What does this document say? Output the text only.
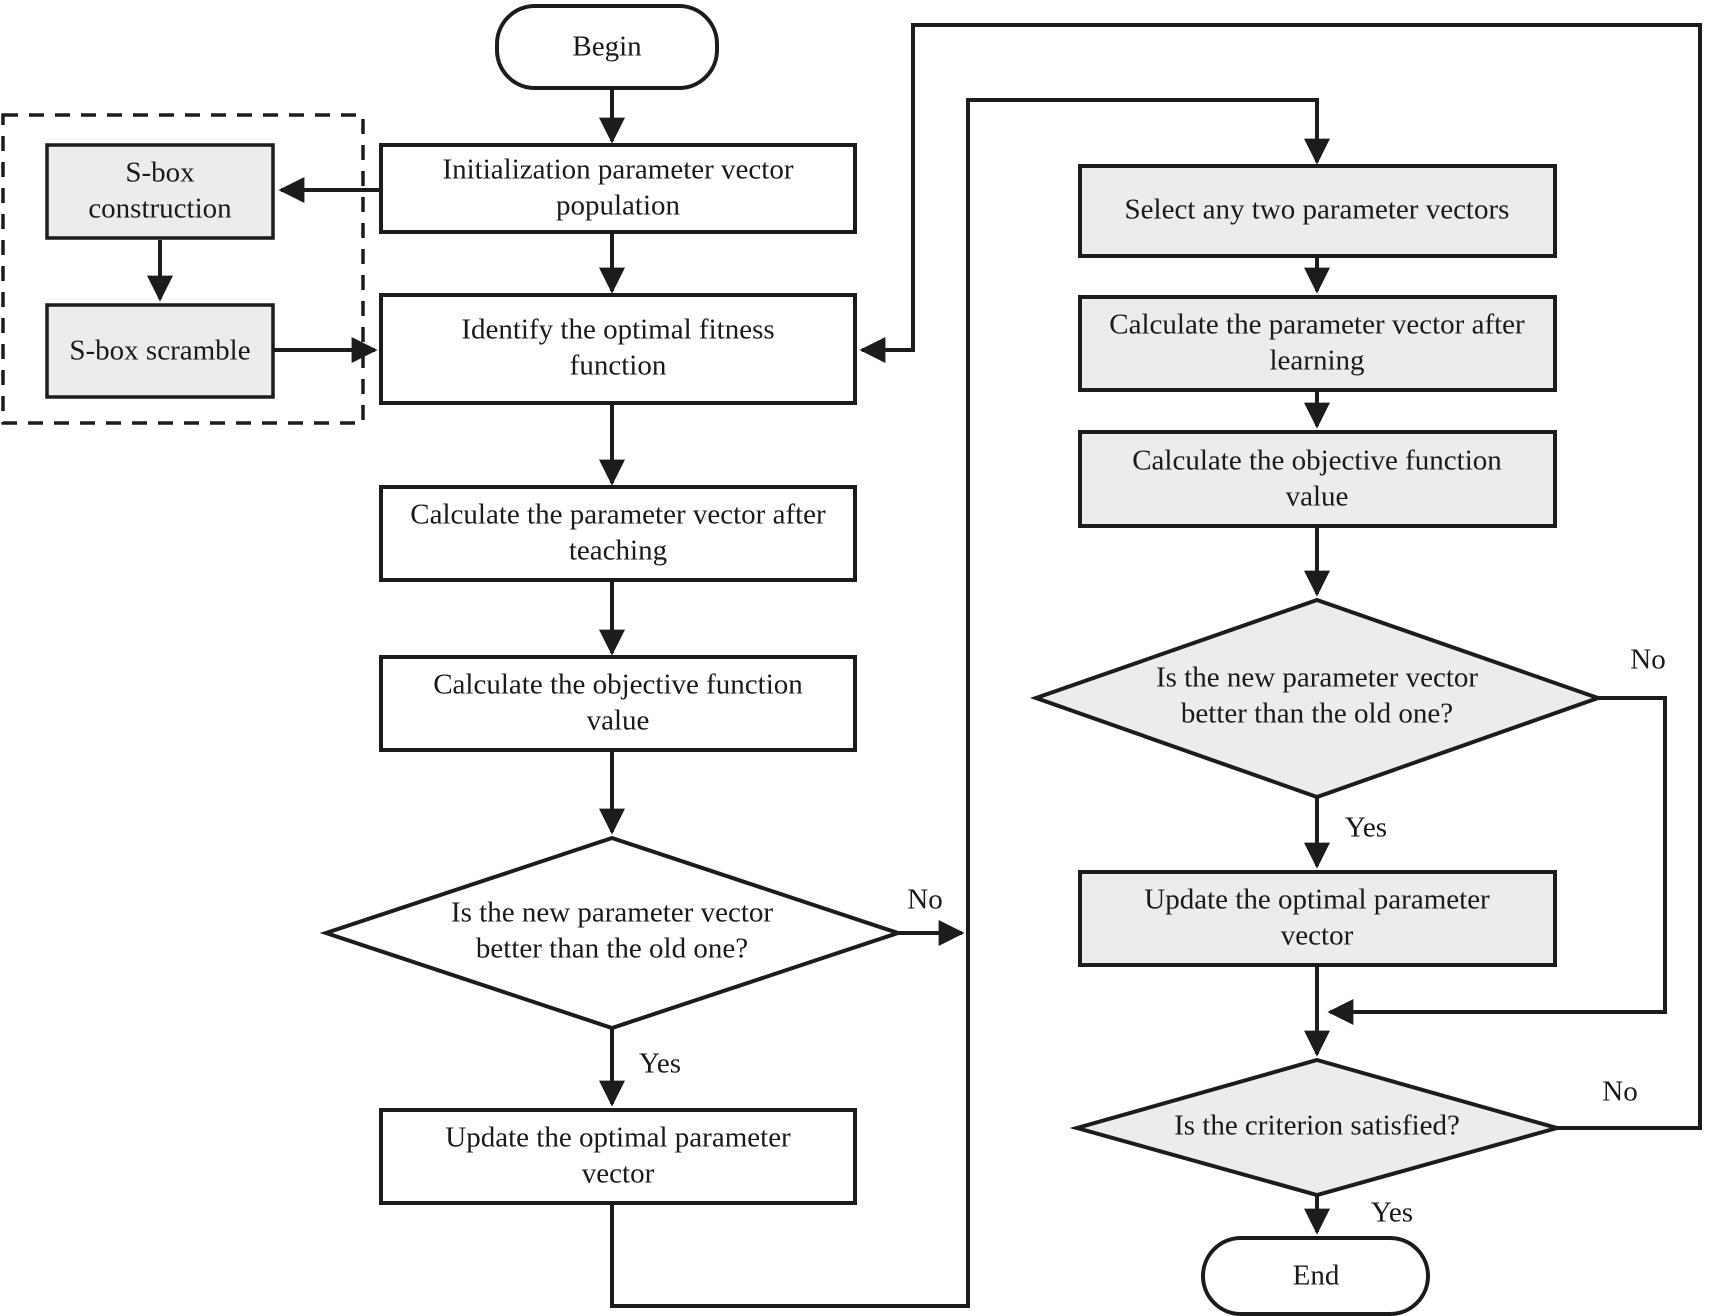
S-box
construction
S-box scramble
Begin
Initialization parameter vector
population
Identify the optimal fitness
function
Calculate the parameter vector after
teaching
Calculate the objective function
value
Is the new parameter vector
better than the old one?
Update the optimal parameter
vector
Select any two parameter vectors
Calculate the parameter vector after
learning
Calculate the objective function
value
Is the new parameter vector
better than the old one?
Update the optimal parameter
vector
Is the criterion satisfied?
End
No
Yes
No
Yes
No
Yes
